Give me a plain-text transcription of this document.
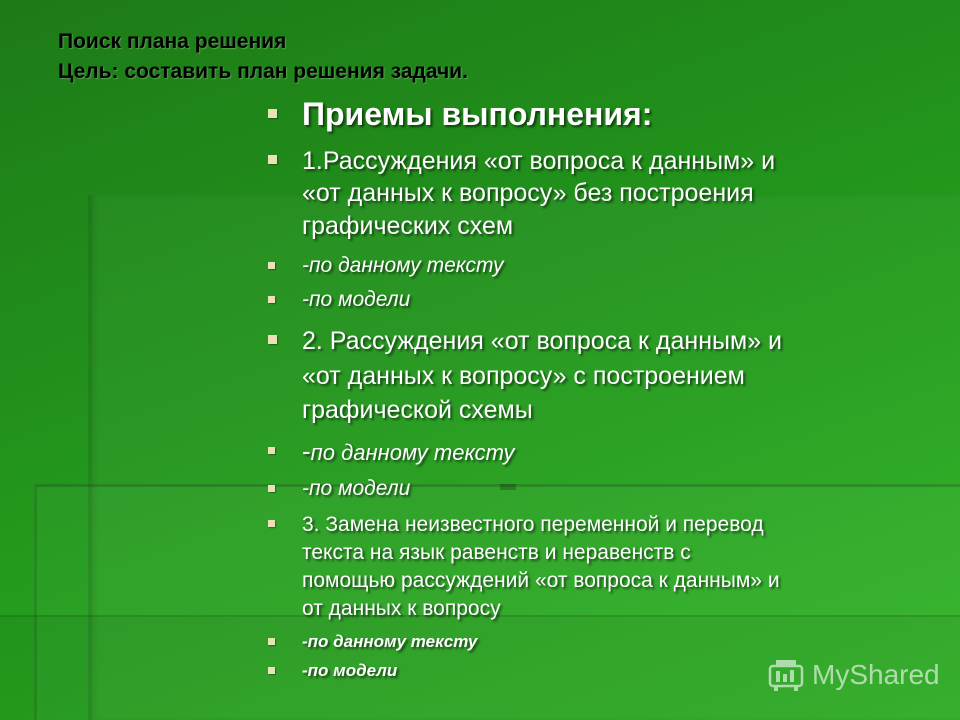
Поиск плана решения
Цель: составить план решения задачи.
Приемы выполнения:
1.Рассуждения «от вопроса к данным» и
«от данных к вопросу» без построения
графических схем
-по данному тексту
-по модели
2. Рассуждения «от вопроса к данным» и
«от данных к вопросу» с построением
графической схемы
-по данному тексту
-по модели
3. Замена неизвестного переменной и перевод
текста на язык равенств и неравенств с
помощью рассуждений «от вопроса к данным» и
от данных к вопросу
-по данному тексту
-по модели	MyShared
